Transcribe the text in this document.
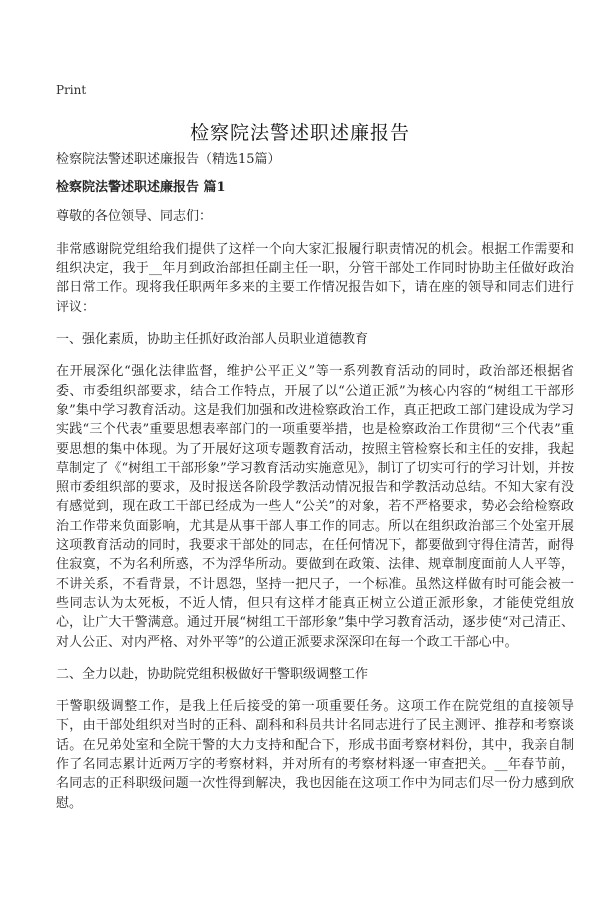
Print
检察院法警述职述廉报告

检察院法警述职述廉报告（精选15篇）

检察院法警述职述廉报告 篇1

尊敬的各位领导、同志们：

非常感谢院党组给我们提供了这样一个向大家汇报履行职责情况的机会。根据工作需要和组织决定，我于__年月到政治部担任副主任一职，分管干部处工作同时协助主任做好政治部日常工作。现将我任职两年多来的主要工作情况报告如下，请在座的领导和同志们进行评议：

一、强化素质，协助主任抓好政治部人员职业道德教育

在开展深化“强化法律监督，维护公平正义”等一系列教育活动的同时，政治部还根据省委、市委组织部要求，结合工作特点，开展了以“公道正派”为核心内容的“树组工干部形象”集中学习教育活动。这是我们加强和改进检察政治工作，真正把政工部门建设成为学习实践“三个代表”重要思想表率部门的一项重要举措，也是检察政治工作贯彻“三个代表”重要思想的集中体现。为了开展好这项专题教育活动，按照主管检察长和主任的安排，我起草制定了《“树组工干部形象”学习教育活动实施意见》，制订了切实可行的学习计划，并按照市委组织部的要求，及时报送各阶段学教活动情况报告和学教活动总结。不知大家有没有感觉到，现在政工干部已经成为一些人“公关”的对象，若不严格要求，势必会给检察政治工作带来负面影响，尤其是从事干部人事工作的同志。所以在组织政治部三个处室开展这项教育活动的同时，我要求干部处的同志，在任何情况下，都要做到守得住清苦，耐得住寂寞，不为名利所惑，不为浮华所动。要做到在政策、法律、规章制度面前人人平等，不讲关系，不看背景，不计恩怨，坚持一把尺子，一个标准。虽然这样做有时可能会被一些同志认为太死板，不近人情，但只有这样才能真正树立公道正派形象，才能使党组放心，让广大干警满意。通过开展“树组工干部形象”集中学习教育活动，逐步使“对己清正、对人公正、对内严格、对外平等”的公道正派要求深深印在每一个政工干部心中。

二、全力以赴，协助院党组积极做好干警职级调整工作

干警职级调整工作，是我上任后接受的第一项重要任务。这项工作在院党组的直接领导下，由干部处组织对当时的正科、副科和科员共计名同志进行了民主测评、推荐和考察谈话。在兄弟处室和全院干警的大力支持和配合下，形成书面考察材料份，其中，我亲自制作了名同志累计近两万字的考察材料，并对所有的考察材料逐一审查把关。__年春节前，名同志的正科职级问题一次性得到解决，我也因能在这项工作中为同志们尽一份力感到欣慰。
